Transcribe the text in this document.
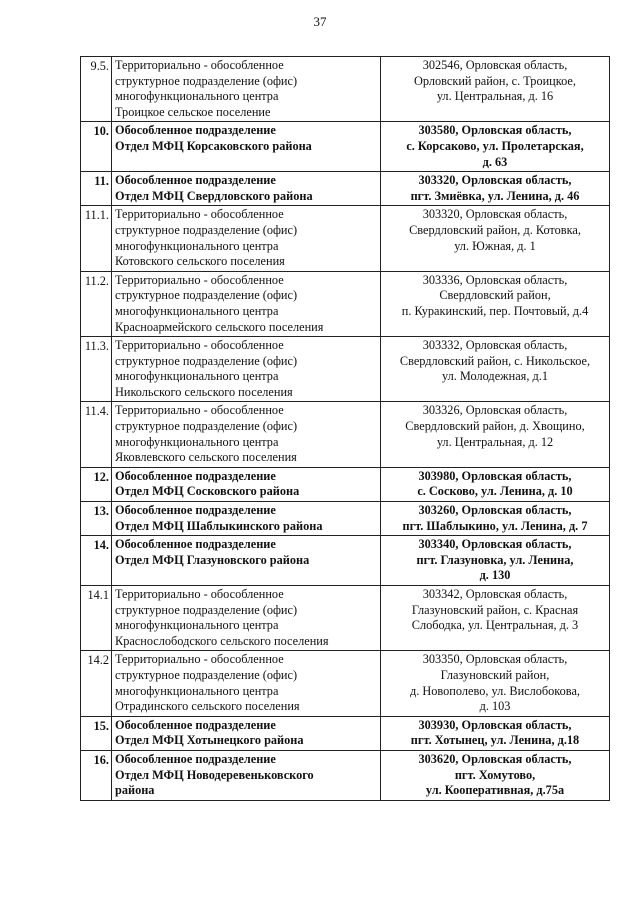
37
9.5.	Территориально - обособленное
структурное подразделение (офис)
многофункционального центра
Троицкое сельское поселение	302546, Орловская область,
Орловский район, с. Троицкое,
ул. Центральная, д. 16

10.	Обособленное подразделение
Отдел МФЦ Корсаковского района	303580, Орловская область,
с. Корсаково, ул. Пролетарская,
д. 63

11.	Обособленное подразделение
Отдел МФЦ Свердловского района	303320, Орловская область,
пгт. Змиёвка, ул. Ленина, д. 46

11.1.	Территориально - обособленное
структурное подразделение (офис)
многофункционального центра
Котовского сельского поселения	303320, Орловская область,
Свердловский район, д. Котовка,
ул. Южная, д. 1

11.2.	Территориально - обособленное
структурное подразделение (офис)
многофункционального центра
Красноармейского сельского поселения	303336, Орловская область,
Свердловский район,
п. Куракинский, пер. Почтовый, д.4

11.3.	Территориально - обособленное
структурное подразделение (офис)
многофункционального центра
Никольского сельского поселения	303332, Орловская область,
Свердловский район, с. Никольское,
ул. Молодежная, д.1

11.4.	Территориально - обособленное
структурное подразделение (офис)
многофункционального центра
Яковлевского сельского поселения	303326, Орловская область,
Свердловский район, д. Хвощино,
ул. Центральная, д. 12

12.	Обособленное подразделение
Отдел МФЦ Сосковского района	303980, Орловская область,
с. Сосково, ул. Ленина, д. 10

13.	Обособленное подразделение
Отдел МФЦ Шаблыкинского района	303260, Орловская область,
пгт. Шаблыкино, ул. Ленина, д. 7

14.	Обособленное подразделение
Отдел МФЦ Глазуновского района	303340, Орловская область,
пгт. Глазуновка, ул. Ленина,
д. 130

14.1	Территориально - обособленное
структурное подразделение (офис)
многофункционального центра
Краснослободского сельского поселения	303342, Орловская область,
Глазуновский район, с. Красная
Слободка, ул. Центральная, д. 3

14.2	Территориально - обособленное
структурное подразделение (офис)
многофункционального центра
Отрадинского сельского поселения	303350, Орловская область,
Глазуновский район,
д. Новополево, ул. Вислобокова,
д. 103

15.	Обособленное подразделение
Отдел МФЦ Хотынецкого района	303930, Орловская область,
пгт. Хотынец, ул. Ленина, д.18

16.	Обособленное подразделение
Отдел МФЦ Новодеревеньковского
района	303620, Орловская область,
пгт. Хомутово,
ул. Кооперативная, д.75а
